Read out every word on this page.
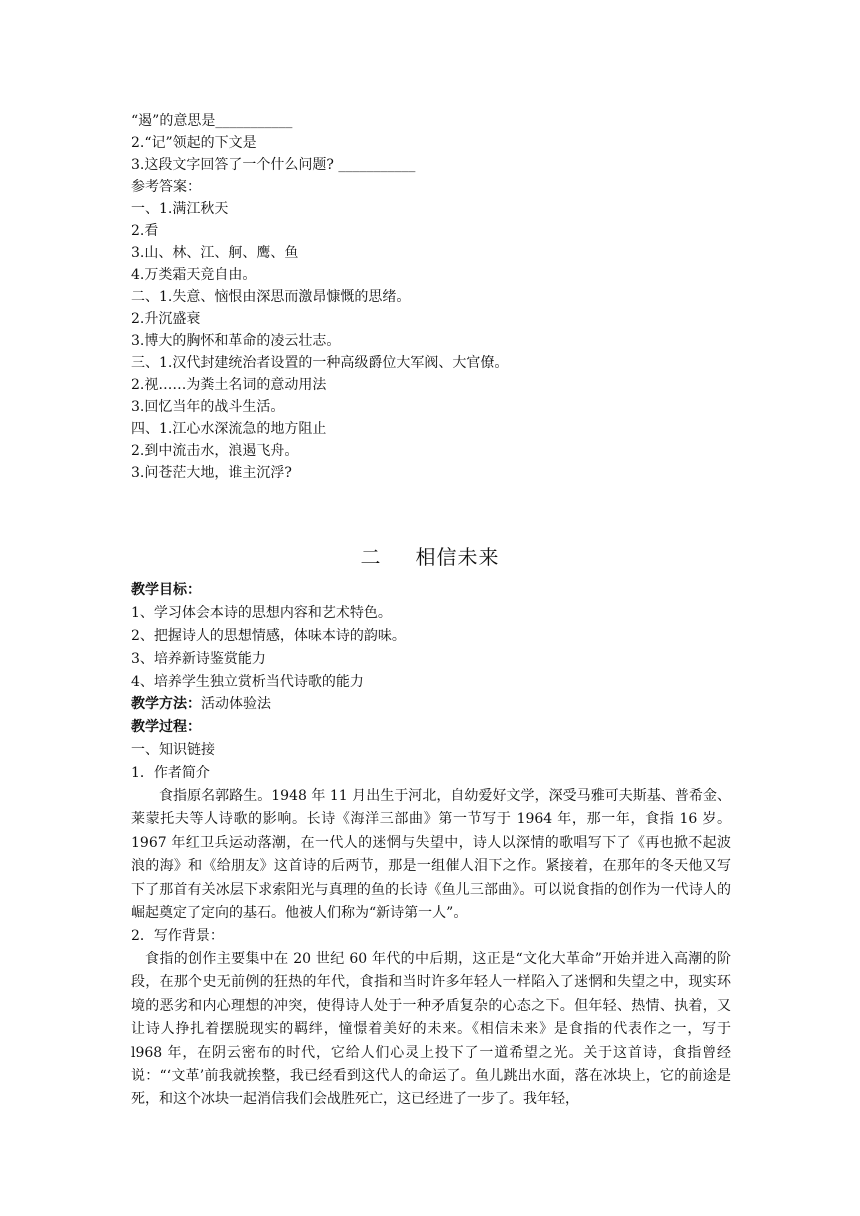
“遏”的意思是___________
2.“记”领起的下文是
3.这段文字回答了一个什么问题? ___________
参考答案：
一、1.满江秋天
2.看
3.山、林、江、舸、鹰、鱼
4.万类霜天竞自由。
二、1.失意、恼恨由深思而激昂慷慨的思绪。
2.升沉盛衰
3.博大的胸怀和革命的凌云壮志。
三、1.汉代封建统治者设置的一种高级爵位大军阀、大官僚。
2.视……为粪土名词的意动用法
3.回忆当年的战斗生活。
四、1.江心水深流急的地方阻止
2.到中流击水，浪遏飞舟。
3.问苍茫大地，谁主沉浮?
二 相信未来
教学目标：
1、学习体会本诗的思想内容和艺术特色。
2、把握诗人的思想情感，体味本诗的韵味。
3、培养新诗鉴赏能力
4、培养学生独立赏析当代诗歌的能力
教学方法：活动体验法
教学过程：
一、知识链接
1．作者简介
食指原名郭路生。1948 年 11 月出生于河北，自幼爱好文学，深受马雅可夫斯基、普希金、莱蒙托夫等人诗歌的影响。长诗《海洋三部曲》第一节写于 1964 年，那一年，食指 16 岁。1967 年红卫兵运动落潮，在一代人的迷惘与失望中，诗人以深情的歌唱写下了《再也掀不起波浪的海》和《给朋友》这首诗的后两节，那是一组催人泪下之作。紧接着，在那年的冬天他又写下了那首有关冰层下求索阳光与真理的鱼的长诗《鱼儿三部曲》。可以说食指的创作为一代诗人的崛起奠定了定向的基石。他被人们称为“新诗第一人”。
2．写作背景：
食指的创作主要集中在 20 世纪 60 年代的中后期，这正是“文化大革命”开始并进入高潮的阶段，在那个史无前例的狂热的年代，食指和当时许多年轻人一样陷入了迷惘和失望之中，现实环境的恶劣和内心理想的冲突，使得诗人处于一种矛盾复杂的心态之下。但年轻、热情、执着，又让诗人挣扎着摆脱现实的羁绊，憧憬着美好的未来。《相信未来》是食指的代表作之一，写于 l968 年，在阴云密布的时代，它给人们心灵上投下了一道希望之光。关于这首诗，食指曾经说：“‘文革’前我就挨整，我已经看到这代人的命运了。鱼儿跳出水面，落在冰块上，它的前途是死，和这个冰块一起消信我们会战胜死亡，这已经进了一步了。我年轻，
